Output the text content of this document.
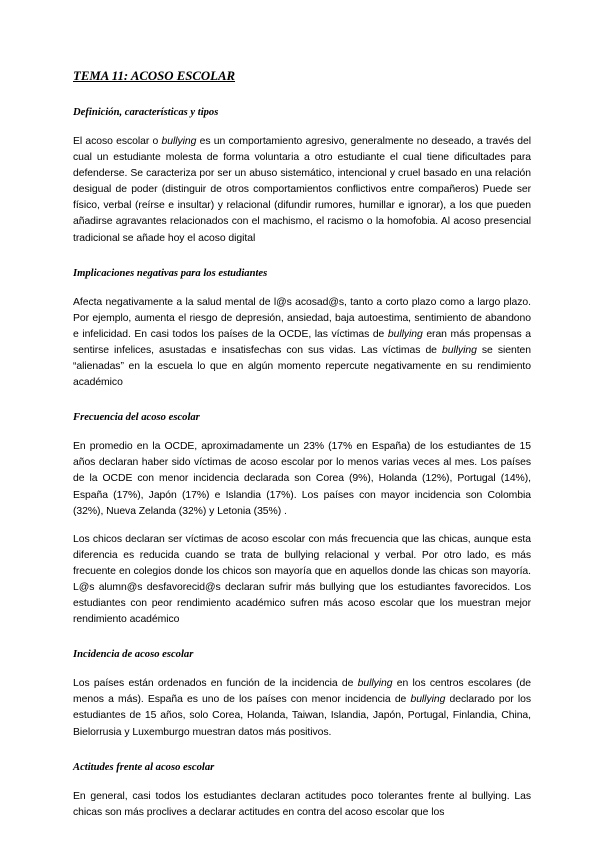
TEMA 11: ACOSO ESCOLAR
Definición, características y tipos

El acoso escolar o bullying es un comportamiento agresivo, generalmente no deseado, a través del cual un estudiante molesta de forma voluntaria a otro estudiante el cual tiene dificultades para defenderse. Se caracteriza por ser un abuso sistemático, intencional y cruel basado en una relación desigual de poder (distinguir de otros comportamientos conflictivos entre compañeros) Puede ser físico, verbal (reírse e insultar) y relacional (difundir rumores, humillar e ignorar), a los que pueden añadirse agravantes relacionados con el machismo, el racismo o la homofobia. Al acoso presencial tradicional se añade hoy el acoso digital

Implicaciones negativas para los estudiantes

Afecta negativamente a la salud mental de l@s acosad@s, tanto a corto plazo como a largo plazo. Por ejemplo, aumenta el riesgo de depresión, ansiedad, baja autoestima, sentimiento de abandono e infelicidad. En casi todos los países de la OCDE, las víctimas de bullying eran más propensas a sentirse infelices, asustadas e insatisfechas con sus vidas. Las víctimas de bullying se sienten “alienadas” en la escuela lo que en algún momento repercute negativamente en su rendimiento académico

Frecuencia del acoso escolar

En promedio en la OCDE, aproximadamente un 23% (17% en España) de los estudiantes de 15 años declaran haber sido víctimas de acoso escolar por lo menos varias veces al mes. Los países de la OCDE con menor incidencia declarada son Corea (9%), Holanda (12%), Portugal (14%), España (17%), Japón (17%) e Islandia (17%). Los países con mayor incidencia son Colombia (32%), Nueva Zelanda (32%) y Letonia (35%) .

Los chicos declaran ser víctimas de acoso escolar con más frecuencia que las chicas, aunque esta diferencia es reducida cuando se trata de bullying relacional y verbal. Por otro lado, es más frecuente en colegios donde los chicos son mayoría que en aquellos donde las chicas son mayoría. L@s alumn@s desfavorecid@s declaran sufrir más bullying que los estudiantes favorecidos. Los estudiantes con peor rendimiento académico sufren más acoso escolar que los muestran mejor rendimiento académico

Incidencia de acoso escolar

Los países están ordenados en función de la incidencia de bullying en los centros escolares (de menos a más). España es uno de los países con menor incidencia de bullying declarado por los estudiantes de 15 años, solo Corea, Holanda, Taiwan, Islandia, Japón, Portugal, Finlandia, China, Bielorrusia y Luxemburgo muestran datos más positivos.

Actitudes frente al acoso escolar

En general, casi todos los estudiantes declaran actitudes poco tolerantes frente al bullying. Las chicas son más proclives a declarar actitudes en contra del acoso escolar que los
